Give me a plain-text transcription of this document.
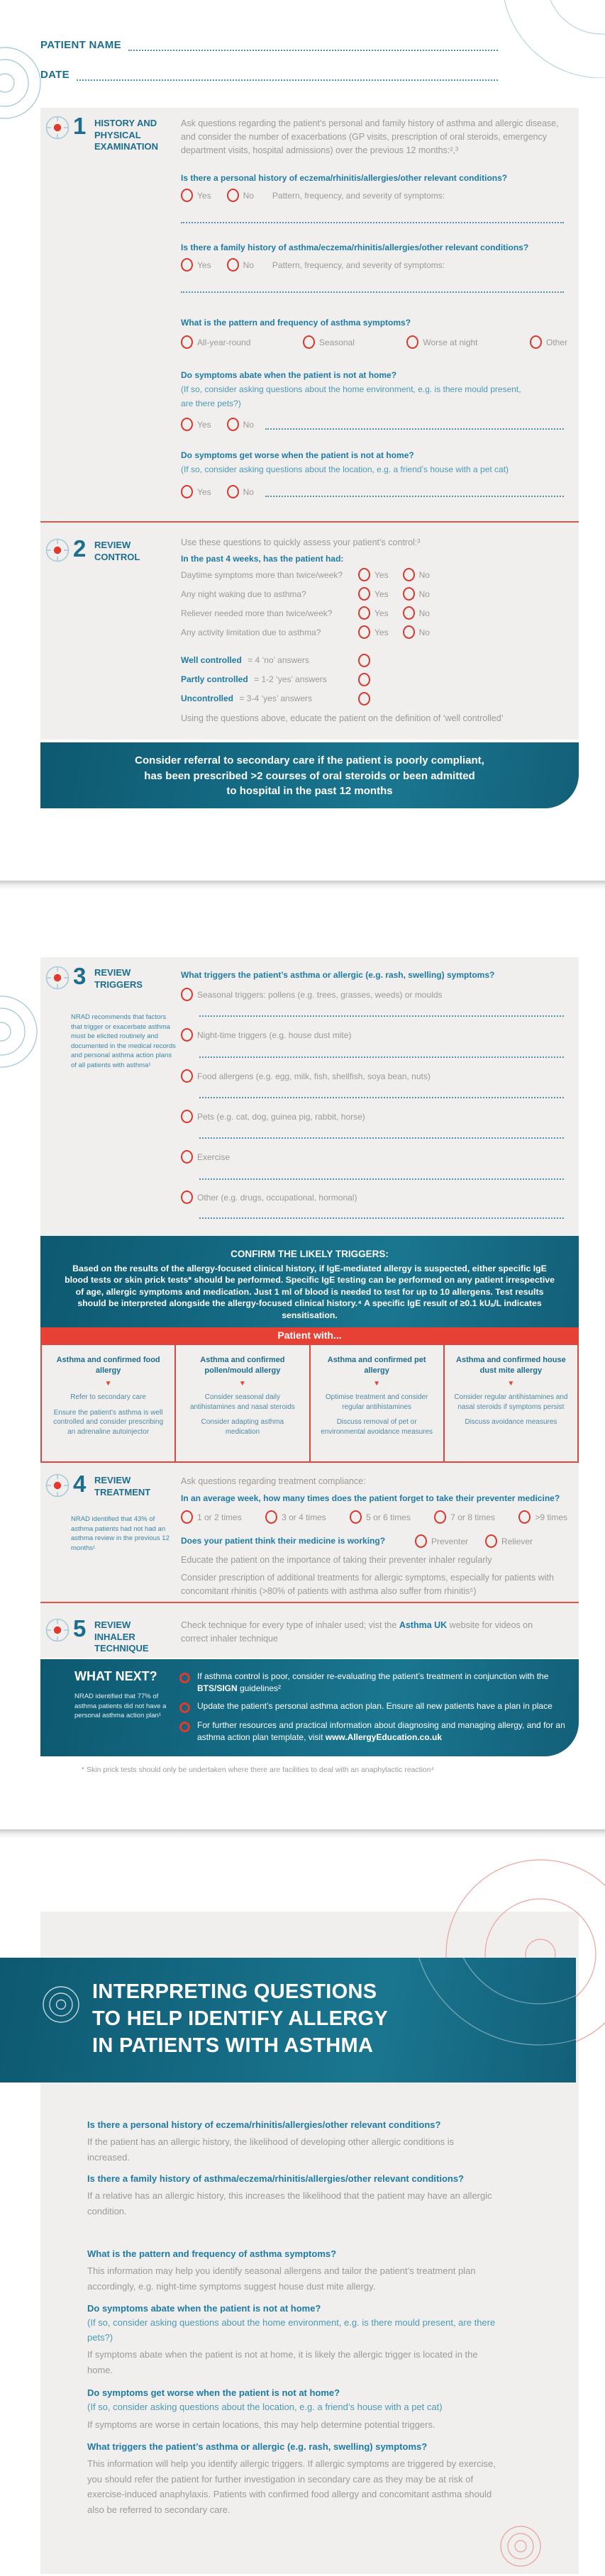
PATIENT NAME
DATE
1 HISTORY AND PHYSICAL EXAMINATION
Ask questions regarding the patient’s personal and family history of asthma and allergic disease, and consider the number of exacerbations (GP visits, prescription of oral steroids, emergency department visits, hospital admissions) over the previous 12 months:²,³
Is there a personal history of eczema/rhinitis/allergies/other relevant conditions?
Yes	No Pattern, frequency, and severity of symptoms:
Is there a family history of asthma/eczema/rhinitis/allergies/other relevant conditions?
Yes	No Pattern, frequency, and severity of symptoms:
What is the pattern and frequency of asthma symptoms?
All-year-round	Seasonal	Worse at night	Other
Do symptoms abate when the patient is not at home?
(If so, consider asking questions about the home environment, e.g. is there mould present, are there pets?)
Yes	No
Do symptoms get worse when the patient is not at home?
(If so, consider asking questions about the location, e.g. a friend’s house with a pet cat)
Yes	No
2 REVIEW CONTROL
Use these questions to quickly assess your patient’s control:³
In the past 4 weeks, has the patient had:
Daytime symptoms more than twice/week?	Yes	No
Any night waking due to asthma?	Yes	No
Reliever needed more than twice/week?	Yes	No
Any activity limitation due to asthma?	Yes	No
Well controlled = 4 ‘no’ answers
Partly controlled = 1-2 ‘yes’ answers
Uncontrolled = 3-4 ‘yes’ answers
Using the questions above, educate the patient on the definition of ‘well controlled’
Consider referral to secondary care if the patient is poorly compliant,
has been prescribed >2 courses of oral steroids or been admitted
to hospital in the past 12 months
3 REVIEW TRIGGERS
NRAD recommends that factors that trigger or exacerbate asthma must be elicited routinely and documented in the medical records and personal asthma action plans of all patients with asthma¹
What triggers the patient’s asthma or allergic (e.g. rash, swelling) symptoms?
Seasonal triggers: pollens (e.g. trees, grasses, weeds) or moulds
Night-time triggers (e.g. house dust mite)
Food allergens (e.g. egg, milk, fish, shellfish, soya bean, nuts)
Pets (e.g. cat, dog, guinea pig, rabbit, horse)
Exercise
Other (e.g. drugs, occupational, hormonal)
CONFIRM THE LIKELY TRIGGERS:
Based on the results of the allergy-focused clinical history, if IgE-mediated allergy is suspected, either specific IgE blood tests or skin prick tests* should be performed. Specific IgE testing can be performed on any patient irrespective of age, allergic symptoms and medication. Just 1 ml of blood is needed to test for up to 10 allergens. Test results should be interpreted alongside the allergy-focused clinical history.⁴ A specific IgE result of ≥0.1 kUₐ/L indicates sensitisation.
Patient with...
Asthma and confirmed food allergy
▼

Refer to secondary care

Ensure the patient’s asthma is well controlled and consider prescribing an adrenaline autoinjector

Asthma and confirmed pollen/mould allergy
▼

Consider seasonal daily antihistamines and nasal steroids

Consider adapting asthma medication

Asthma and confirmed pet allergy
▼

Optimise treatment and consider regular antihistamines

Discuss removal of pet or environmental avoidance measures

Asthma and confirmed house dust mite allergy
▼

Consider regular antihistamines and nasal steroids if symptoms persist

Discuss avoidance measures

4 REVIEW TREATMENT
NRAD identified that 43% of asthma patients had not had an asthma review in the previous 12 months¹
Ask questions regarding treatment compliance:
In an average week, how many times does the patient forget to take their preventer medicine?
1 or 2 times	3 or 4 times	5 or 6 times	7 or 8 times	>9 times
Does your patient think their medicine is working?	Preventer	Reliever
Educate the patient on the importance of taking their preventer inhaler regularly
Consider prescription of additional treatments for allergic symptoms, especially for patients with concomitant rhinitis (>80% of patients with asthma also suffer from rhinitis⁵)
5 REVIEW INHALER TECHNIQUE
Check technique for every type of inhaler used; vist the Asthma UK website for videos on correct inhaler technique
WHAT NEXT?
NRAD identified that 77% of asthma patients did not have a personal asthma action plan¹
If asthma control is poor, consider re-evaluating the patient’s treatment in conjunction with the BTS/SIGN guidelines²
Update the patient’s personal asthma action plan. Ensure all new patients have a plan in place
For further resources and practical information about diagnosing and managing allergy, and for an asthma action plan template, visit www.AllergyEducation.co.uk
* Skin prick tests should only be undertaken where there are facilities to deal with an anaphylactic reaction⁴
INTERPRETING QUESTIONS
TO HELP IDENTIFY ALLERGY
IN PATIENTS WITH ASTHMA
Is there a personal history of eczema/rhinitis/allergies/other relevant conditions?
If the patient has an allergic history, the likelihood of developing other allergic conditions is increased.
Is there a family history of asthma/eczema/rhinitis/allergies/other relevant conditions?
If a relative has an allergic history, this increases the likelihood that the patient may have an allergic condition.
What is the pattern and frequency of asthma symptoms?
This information may help you identify seasonal allergens and tailor the patient’s treatment plan accordingly, e.g. night-time symptoms suggest house dust mite allergy.
Do symptoms abate when the patient is not at home?
(If so, consider asking questions about the home environment, e.g. is there mould present, are there pets?)
If symptoms abate when the patient is not at home, it is likely the allergic trigger is located in the home.
Do symptoms get worse when the patient is not at home?
(If so, consider asking questions about the location, e.g. a friend’s house with a pet cat)
If symptoms are worse in certain locations, this may help determine potential triggers.
What triggers the patient’s asthma or allergic (e.g. rash, swelling) symptoms?
This information will help you identify allergic triggers. If allergic symptoms are triggered by exercise, you should refer the patient for further investigation in secondary care as they may be at risk of exercise-induced anaphylaxis. Patients with confirmed food allergy and concomitant asthma should also be referred to secondary care.
